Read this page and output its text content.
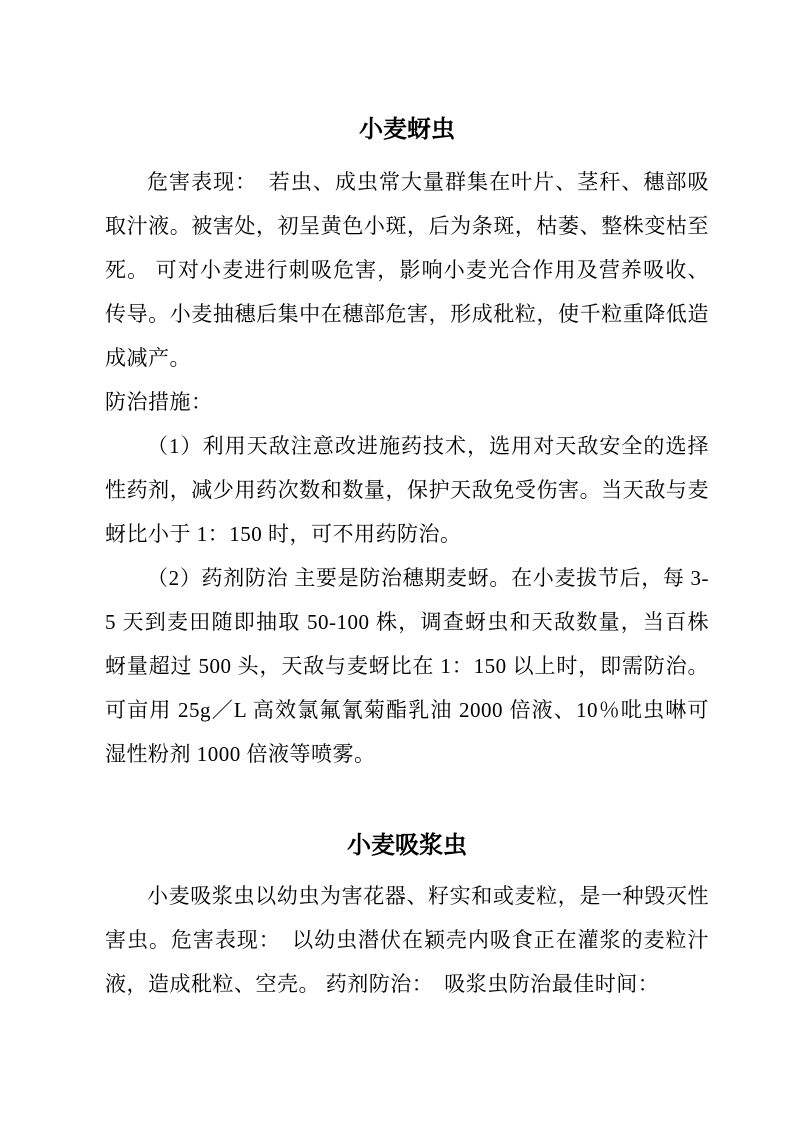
小麦蚜虫

危害表现：　若虫、成虫常大量群集在叶片、茎秆、穗部吸取汁液。被害处，初呈黄色小斑，后为条斑，枯萎、整株变枯至死。 可对小麦进行刺吸危害，影响小麦光合作用及营养吸收、传导。小麦抽穗后集中在穗部危害，形成秕粒，使千粒重降低造成减产。

防治措施：

（1）利用天敌注意改进施药技术，选用对天敌安全的选择性药剂，减少用药次数和数量，保护天敌免受伤害。当天敌与麦蚜比小于 1：150 时，可不用药防治。

（2）药剂防治 主要是防治穗期麦蚜。在小麦拔节后，每 3-5 天到麦田随即抽取 50-100 株，调查蚜虫和天敌数量，当百株蚜量超过 500 头，天敌与麦蚜比在 1：150 以上时，即需防治。可亩用 25g／L 高效氯氟氰菊酯乳油 2000 倍液、10％吡虫啉可湿性粉剂 1000 倍液等喷雾。

小麦吸浆虫

小麦吸浆虫以幼虫为害花器、籽实和或麦粒，是一种毁灭性害虫。危害表现：　以幼虫潜伏在颖壳内吸食正在灌浆的麦粒汁液，造成秕粒、空壳。 药剂防治：　吸浆虫防治最佳时间：
